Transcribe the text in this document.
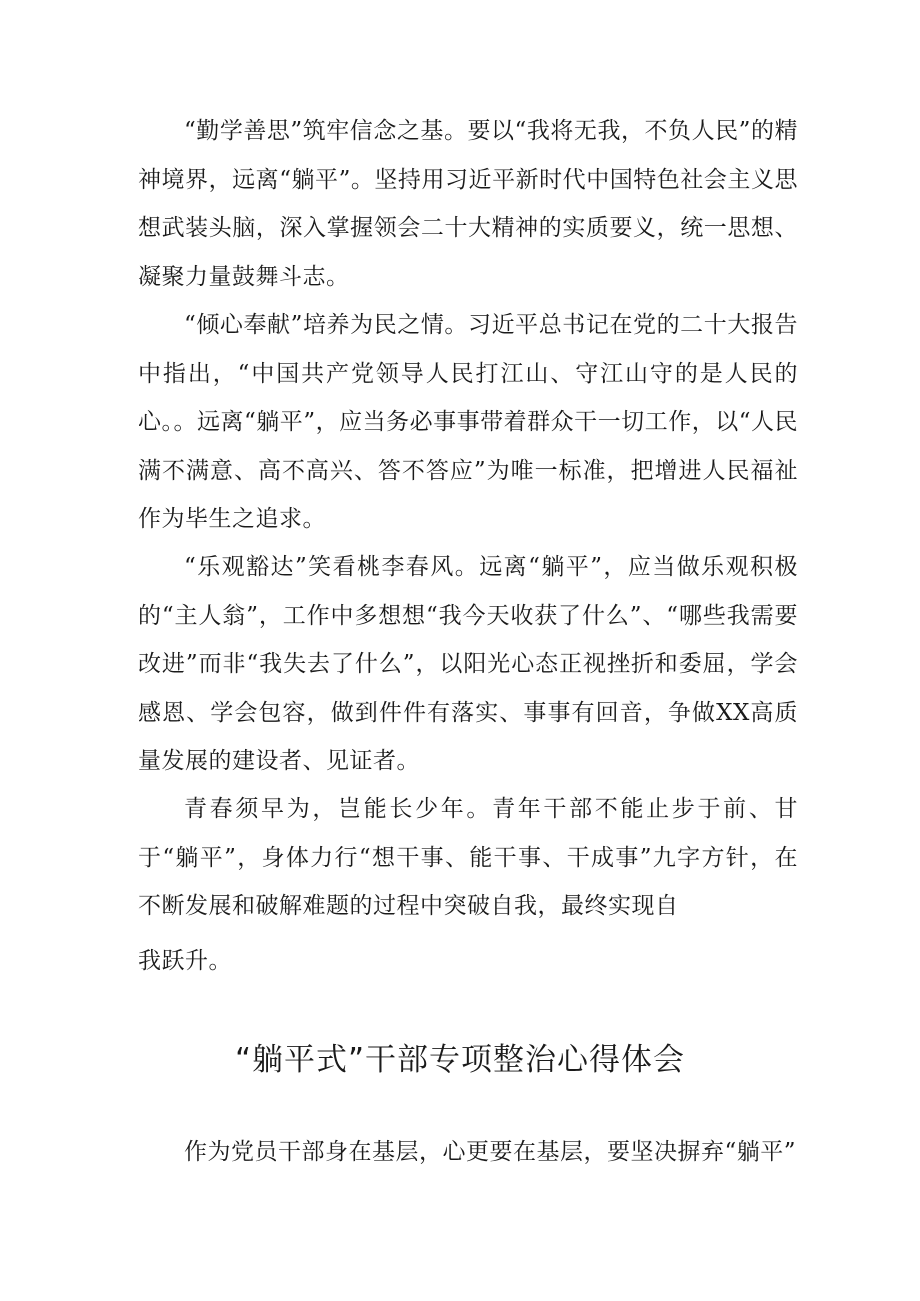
“勤学善思”筑牢信念之基。要以“我将无我，不负人民”的精神境界，远离“躺平”。坚持用习近平新时代中国特色社会主义思想武装头脑，深入掌握领会二十大精神的实质要义，统一思想、凝聚力量鼓舞斗志。

“倾心奉献”培养为民之情。习近平总书记在党的二十大报告中指出，“中国共产党领导人民打江山、守江山守的是人民的心。。远离“躺平”，应当务必事事带着群众干一切工作，以“人民满不满意、高不高兴、答不答应”为唯一标准，把增进人民福祉作为毕生之追求。

“乐观豁达”笑看桃李春风。远离“躺平”，应当做乐观积极的“主人翁”，工作中多想想“我今天收获了什么”、“哪些我需要改进”而非“我失去了什么”，以阳光心态正视挫折和委屈，学会感恩、学会包容，做到件件有落实、事事有回音，争做XX高质量发展的建设者、见证者。

青春须早为，岂能长少年。青年干部不能止步于前、甘于“躺平”，身体力行“想干事、能干事、干成事”九字方针，在不断发展和破解难题的过程中突破自我，最终实现自
我跃升。
“躺平式”干部专项整治心得体会

作为党员干部身在基层，心更要在基层，要坚决摒弃“躺平”
